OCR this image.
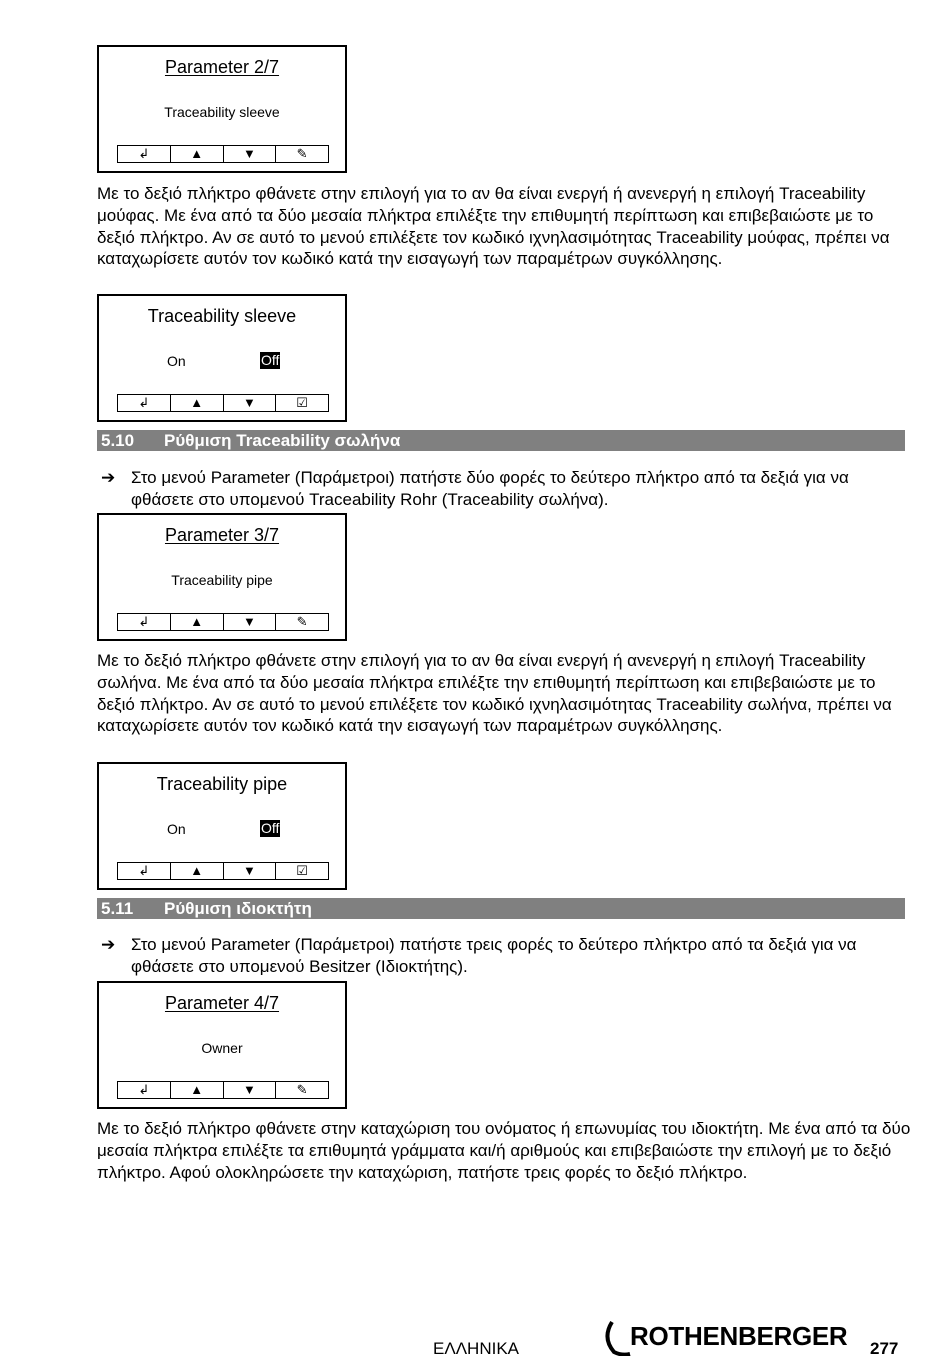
Parameter 2/7
Traceability sleeve
↲	▲	▼	✎

Με το δεξιό πλήκτρο φθάνετε στην επιλογή για το αν θα είναι ενεργή ή ανενεργή η επιλογή Traceability μούφας. Με ένα από τα δύο μεσαία πλήκτρα επιλέξτε την επιθυμητή περίπτωση και επιβεβαιώστε με το δεξιό πλήκτρο. Αν σε αυτό το μενού επιλέξετε τον κωδικό ιχνηλασιμότητας Traceability μούφας, πρέπει να καταχωρίσετε αυτόν τον κωδικό κατά την εισαγωγή των παραμέτρων συγκόλλησης.

Traceability sleeve
On	Off
↲	▲	▼	☑
5.10 Ρύθμιση Traceability σωλήνα
➔ Στο μενού Parameter (Παράμετροι) πατήστε δύο φορές το δεύτερο πλήκτρο από τα δεξιά για να φθάσετε στο υπομενού Traceability Rohr (Traceability σωλήνα).
Parameter 3/7
Traceability pipe
↲	▲	▼	✎

Με το δεξιό πλήκτρο φθάνετε στην επιλογή για το αν θα είναι ενεργή ή ανενεργή η επιλογή Traceability σωλήνα. Με ένα από τα δύο μεσαία πλήκτρα επιλέξτε την επιθυμητή περίπτωση και επιβεβαιώστε με το δεξιό πλήκτρο. Αν σε αυτό το μενού επιλέξετε τον κωδικό ιχνηλασιμότητας Traceability σωλήνα, πρέπει να καταχωρίσετε αυτόν τον κωδικό κατά την εισαγωγή των παραμέτρων συγκόλλησης.

Traceability pipe
On	Off
↲	▲	▼	☑
5.11 Ρύθμιση ιδιοκτήτη
➔ Στο μενού Parameter (Παράμετροι) πατήστε τρεις φορές το δεύτερο πλήκτρο από τα δεξιά για να φθάσετε στο υπομενού Besitzer (Ιδιοκτήτης).
Parameter 4/7
Owner
↲	▲	▼	✎

Με το δεξιό πλήκτρο φθάνετε στην καταχώριση του ονόματος ή επωνυμίας του ιδιοκτήτη. Με ένα από τα δύο μεσαία πλήκτρα επιλέξτε τα επιθυμητά γράμματα και/ή αριθμούς και επιβεβαιώστε την επιλογή με το δεξιό πλήκτρο. Αφού ολοκληρώσετε την καταχώριση, πατήστε τρεις φορές το δεξιό πλήκτρο.

ΕΛΛΗΝΙΚΑ	ROTHENBERGER 277
